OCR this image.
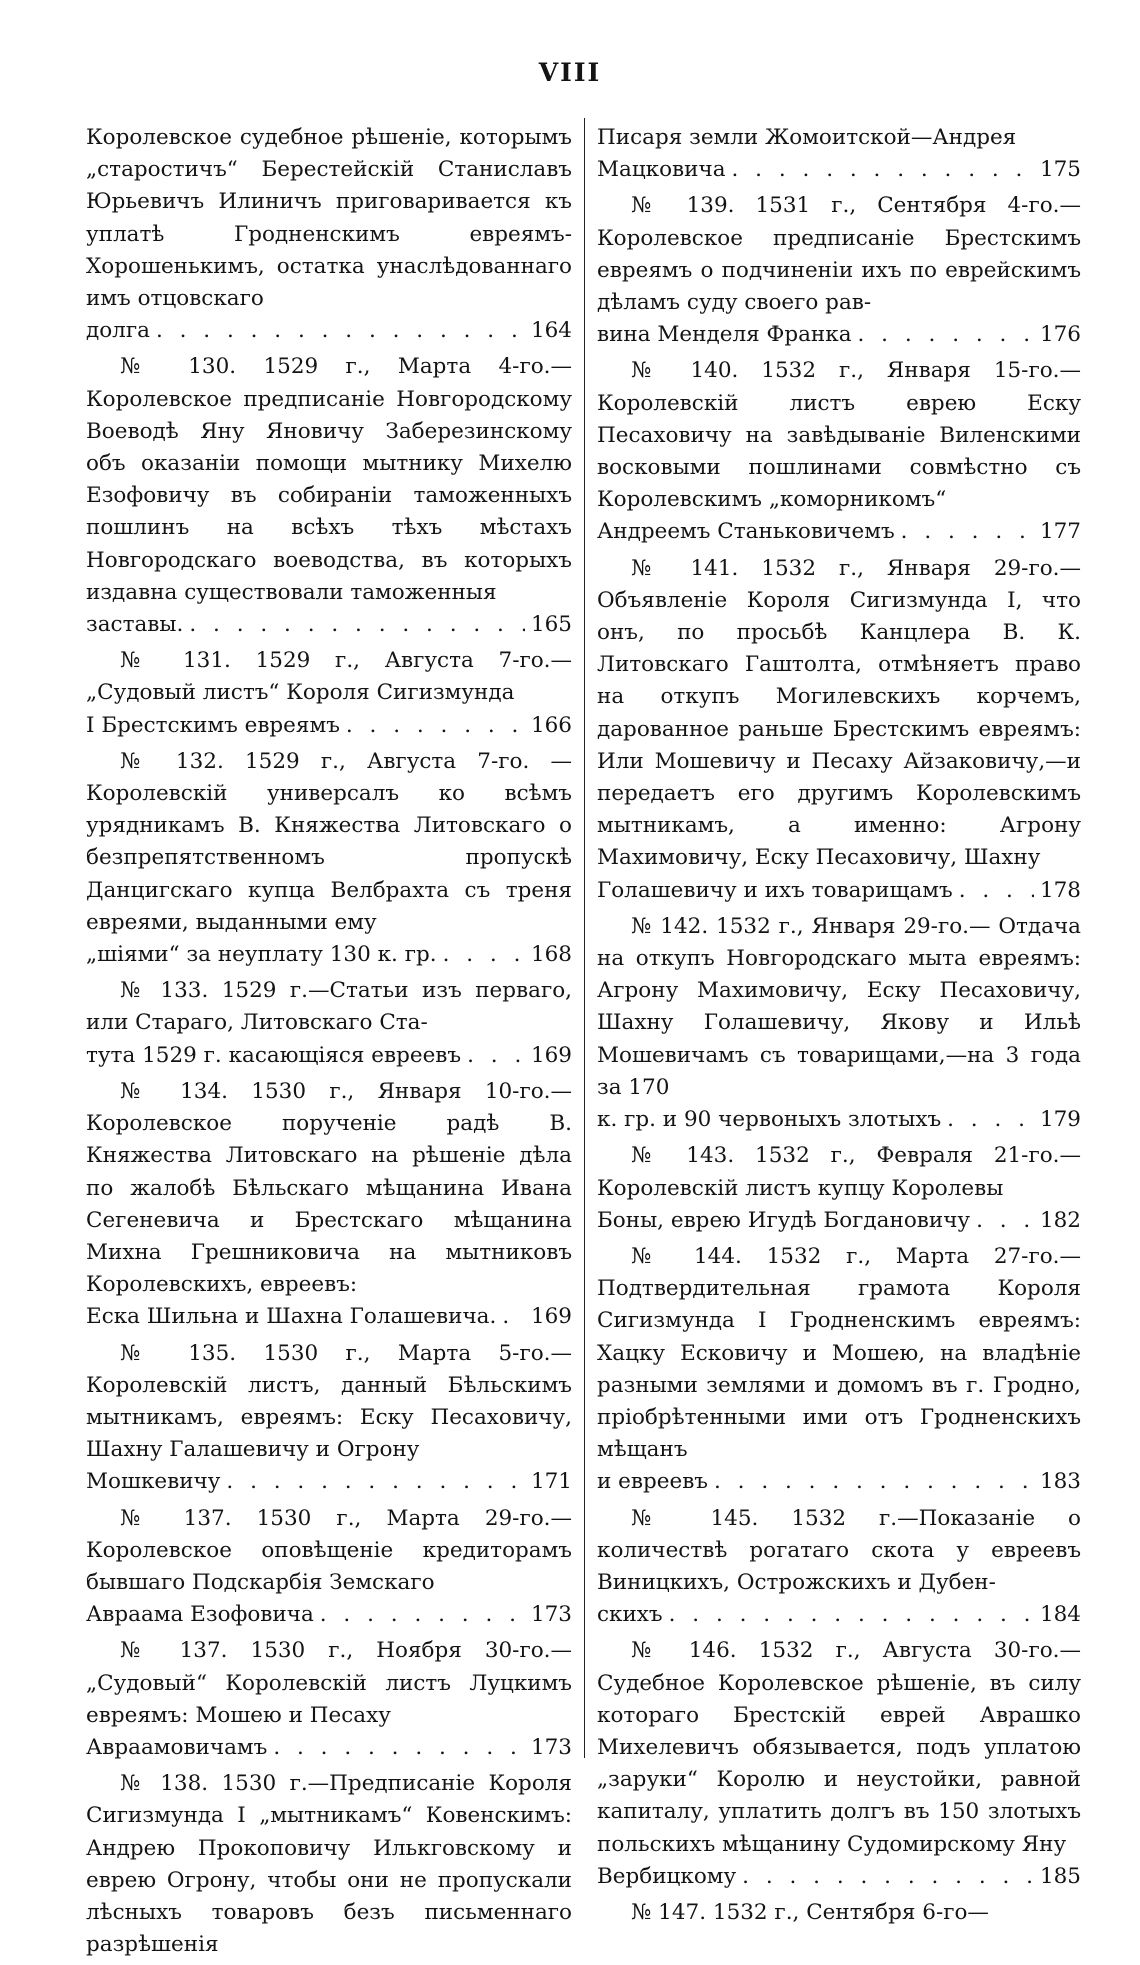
VIII
Королевское судебное рѣшеніе, которымъ „старостичъ“ Берестейскій Станиславъ Юрьевичъ Илиничъ приговаривается къ уплатѣ Гродненскимъ евреямъ-Хорошенькимъ, остатка унаслѣдованнаго имъ отцовскаго
долга . . .	164
№ 130. 1529 г., Марта 4-го.—Королевское предписаніе Новгородскому Воеводѣ Яну Яновичу Заберезинскому объ оказаніи помощи мытнику Михелю Езофовичу въ собираніи таможенныхъ пошлинъ на всѣхъ тѣхъ мѣстахъ Новгородскаго воеводства, въ которыхъ издавна существовали таможенныя
заставы. . . .	165
№ 131. 1529 г., Августа 7-го.— „Судовый листъ“ Короля Сигизмунда
I Брестскимъ евреямъ . . .	166
№ 132. 1529 г., Августа 7-го. — Королевскій универсалъ ко всѣмъ урядникамъ В. Княжества Литовскаго о безпрепятственномъ пропускѣ Данцигскаго купца Велбрахта съ треня евреями, выданными ему
„шіями“ за неуплату 130 к. гр. . . .	168
№ 133. 1529 г.—Статьи изъ перваго, или Стараго, Литовскаго Ста-
тута 1529 г. касающіяся евреевъ . . .	169
№ 134. 1530 г., Января 10-го.— Королевское порученіе радѣ В. Княжества Литовскаго на рѣшеніе дѣла по жалобѣ Бѣльскаго мѣщанина Ивана Сегеневича и Брестскаго мѣщанина Михна Грешниковича на мытниковъ Королевскихъ, евреевъ:
Еска Шильна и Шахна Голашевича. . . . 169
№ 135. 1530 г., Марта 5-го.—Королевскій листъ, данный Бѣльскимъ мытникамъ, евреямъ: Еску Песаховичу, Шахну Галашевичу и Огрону
Мошкевичу . . .	171
№ 137. 1530 г., Марта 29-го.— Королевское оповѣщеніе кредиторамъ бывшаго Подскарбія Земскаго
Авраама Езофовича . . .	173
№ 137. 1530 г., Ноября 30-го.— „Судовый“ Королевскій листъ Луцкимъ евреямъ: Мошею и Песаху
Авраамовичамъ . . .	173
№ 138. 1530 г.—Предписаніе Короля Сигизмунда I „мытникамъ“ Ковенскимъ: Андрею Прокоповичу Илькговскому и еврею Огрону, чтобы они не пропускали лѣсныхъ товаровъ безъ письменнаго разрѣшенія
Писаря земли Жомоитской—Андрея
Мацковича . . .	175
№ 139. 1531 г., Сентября 4-го.— Королевское предписаніе Брестскимъ евреямъ о подчиненіи ихъ по еврейскимъ дѣламъ суду своего рав-
вина Менделя Франка . . .	176
№ 140. 1532 г., Января 15-го.— Королевскій листъ еврею Еску Песаховичу на завѣдываніе Виленскими восковыми пошлинами совмѣстно съ Королевскимъ „коморникомъ“
Андреемъ Станьковичемъ . . .	177
№ 141. 1532 г., Января 29-го.— Объявленіе Короля Сигизмунда I, что онъ, по просьбѣ Канцлера В. К. Литовскаго Гаштолта, отмѣняетъ право на откупъ Могилевскихъ корчемъ, дарованное раньше Брестскимъ евреямъ: Или Мошевичу и Песаху Айзаковичу,—и передаетъ его другимъ Королевскимъ мытникамъ, а именно: Агрону Махимовичу, Еску Песаховичу, Шахну
Голашевичу и ихъ товарищамъ . . .	178
№ 142. 1532 г., Января 29-го.— Отдача на откупъ Новгородскаго мыта евреямъ: Агрону Махимовичу, Еску Песаховичу, Шахну Голашевичу, Якову и Ильѣ Мошевичамъ съ товарищами,—на 3 года за 170
к. гр. и 90 червоныхъ злотыхъ . . .	179
№ 143. 1532 г., Февраля 21-го.— Королевскій листъ купцу Королевы
Боны, еврею Игудѣ Богдановичу . . .	182
№ 144. 1532 г., Марта 27-го.— Подтвердительная грамота Короля Сигизмунда I Гродненскимъ евреямъ: Хацку Есковичу и Мошею, на владѣніе разными землями и домомъ въ г. Гродно, пріобрѣтенными ими отъ Гродненскихъ мѣщанъ
и евреевъ . . .	183
№ 145. 1532 г.—Показаніе о количествѣ рогатаго скота у евреевъ Виницкихъ, Острожскихъ и Дубен-
скихъ . . .	184
№ 146. 1532 г., Августа 30-го.— Судебное Королевское рѣшеніе, въ силу котораго Брестскій еврей Аврашко Михелевичъ обязывается, подъ уплатою „заруки“ Королю и неустойки, равной капиталу, уплатить долгъ въ 150 злотыхъ польскихъ мѣщанину Судомирскому Яну
Вербицкому . . .	185
№ 147. 1532 г., Сентября 6-го—
